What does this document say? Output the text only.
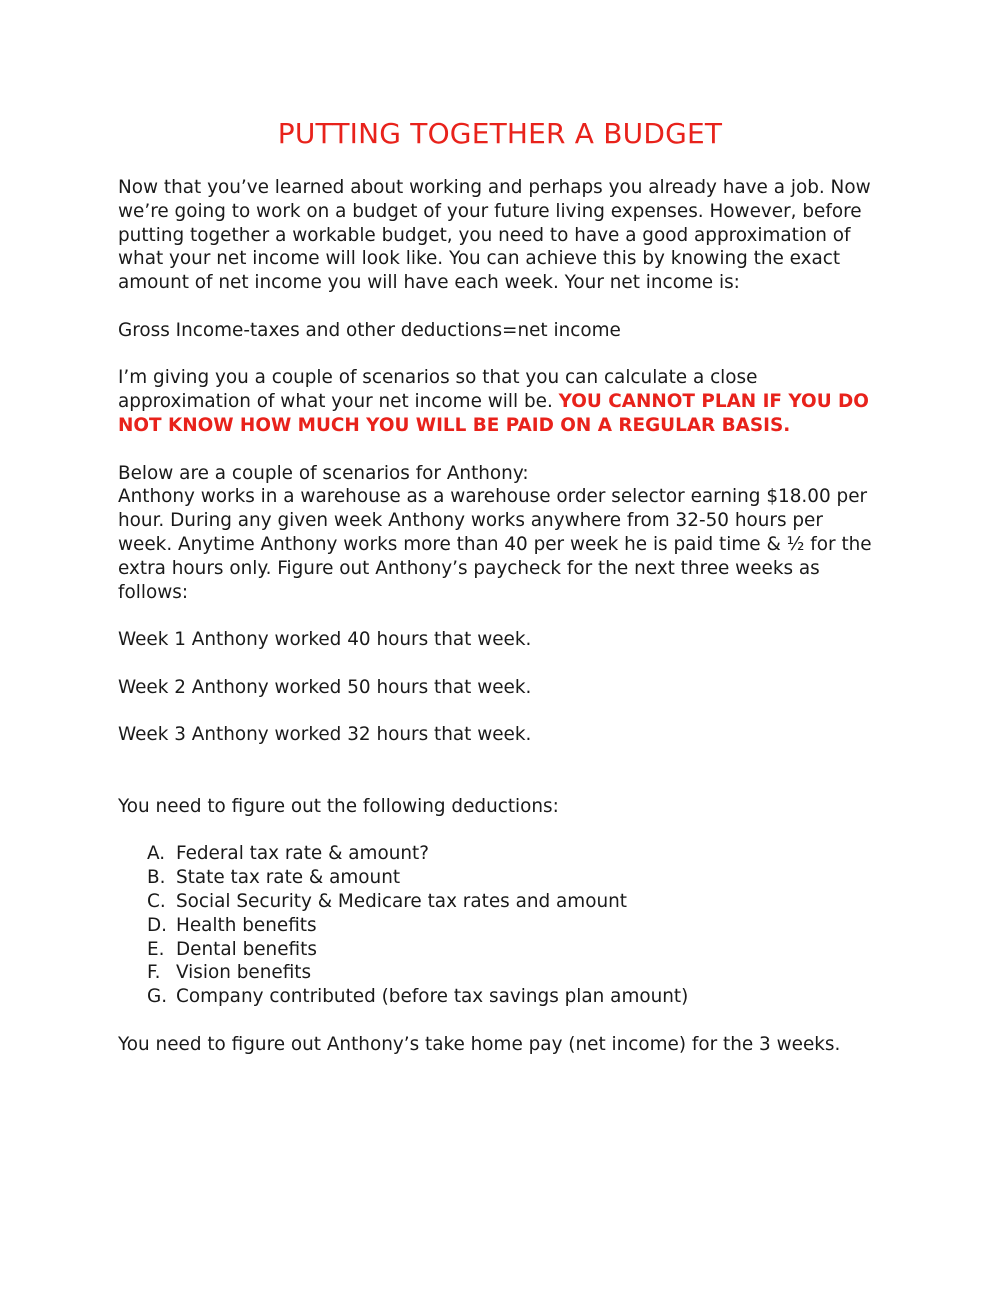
PUTTING TOGETHER A BUDGET

Now that you’ve learned about working and perhaps you already have a job. Now we’re going to work on a budget of your future living expenses. However, before putting together a workable budget, you need to have a good approximation of what your net income will look like. You can achieve this by knowing the exact amount of net income you will have each week. Your net income is:

Gross Income-taxes and other deductions=net income

I’m giving you a couple of scenarios so that you can calculate a close approximation of what your net income will be. YOU CANNOT PLAN IF YOU DO NOT KNOW HOW MUCH YOU WILL BE PAID ON A REGULAR BASIS.

Below are a couple of scenarios for Anthony:

Anthony works in a warehouse as a warehouse order selector earning $18.00 per hour. During any given week Anthony works anywhere from 32-50 hours per week. Anytime Anthony works more than 40 per week he is paid time & ½ for the extra hours only. Figure out Anthony’s paycheck for the next three weeks as follows:

Week 1 Anthony worked 40 hours that week.

Week 2 Anthony worked 50 hours that week.

Week 3 Anthony worked 32 hours that week.

You need to figure out the following deductions:

A. Federal tax rate & amount?
B. State tax rate & amount
C. Social Security & Medicare tax rates and amount
D. Health benefits
E. Dental benefits
F. Vision benefits
G. Company contributed (before tax savings plan amount)

You need to figure out Anthony’s take home pay (net income) for the 3 weeks.
